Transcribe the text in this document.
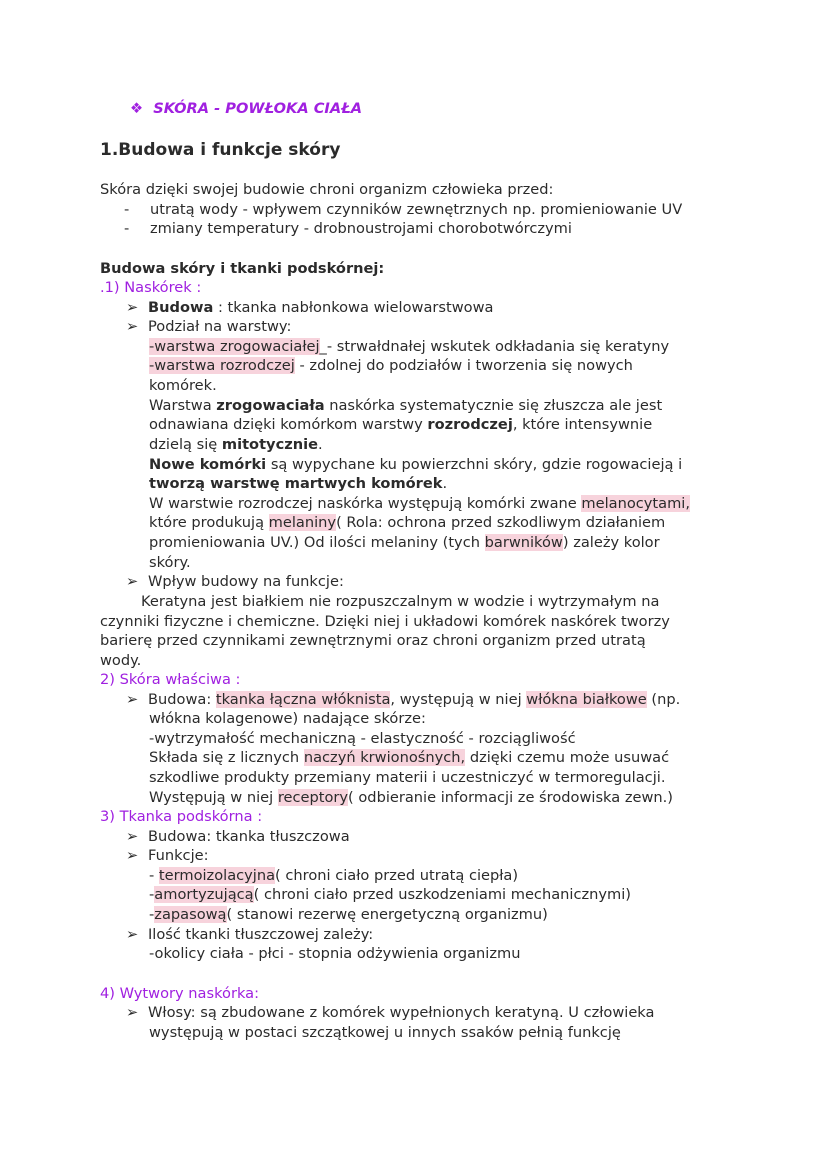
❖ SKÓRA - POWŁOKA CIAŁA
1.Budowa i funkcje skóry
Skóra dzięki swojej budowie chroni organizm człowieka przed:
- utratą wody - wpływem czynników zewnętrznych np. promieniowanie UV
- zmiany temperatury - drobnoustrojami chorobotwórczymi
Budowa skóry i tkanki podskórnej:
.1) Naskórek :
➢ Budowa : tkanka nabłonkowa wielowarstwowa
➢ Podział na warstwy:
-warstwa zrogowaciałej_- strwałdnałej wskutek odkładania się keratyny
-warstwa rozrodczej - zdolnej do podziałów i tworzenia się nowych
komórek.
Warstwa zrogowaciała naskórka systematycznie się złuszcza ale jest
odnawiana dzięki komórkom warstwy rozrodczej, które intensywnie
dzielą się mitotycznie.
Nowe komórki są wypychane ku powierzchni skóry, gdzie rogowacieją i
tworzą warstwę martwych komórek.
W warstwie rozrodczej naskórka występują komórki zwane melanocytami,
które produkują melaniny( Rola: ochrona przed szkodliwym działaniem
promieniowania UV.) Od ilości melaniny (tych barwników) zależy kolor
skóry.
➢ Wpływ budowy na funkcje:
Keratyna jest białkiem nie rozpuszczalnym w wodzie i wytrzymałym na
czynniki fizyczne i chemiczne. Dzięki niej i układowi komórek naskórek tworzy
barierę przed czynnikami zewnętrznymi oraz chroni organizm przed utratą
wody.
2) Skóra właściwa :
➢ Budowa: tkanka łączna włóknista, występują w niej włókna białkowe (np.
włókna kolagenowe) nadające skórze:
-wytrzymałość mechaniczną - elastyczność - rozciągliwość
Składa się z licznych naczyń krwionośnych, dzięki czemu może usuwać
szkodliwe produkty przemiany materii i uczestniczyć w termoregulacji.
Występują w niej receptory( odbieranie informacji ze środowiska zewn.)
3) Tkanka podskórna :
➢ Budowa: tkanka tłuszczowa
➢ Funkcje:
- termoizolacyjna( chroni ciało przed utratą ciepła)
-amortyzującą( chroni ciało przed uszkodzeniami mechanicznymi)
-zapasową( stanowi rezerwę energetyczną organizmu)
➢ Ilość tkanki tłuszczowej zależy:
-okolicy ciała - płci - stopnia odżywienia organizmu
4) Wytwory naskórka:
➢ Włosy: są zbudowane z komórek wypełnionych keratyną. U człowieka
występują w postaci szczątkowej u innych ssaków pełnią funkcję
